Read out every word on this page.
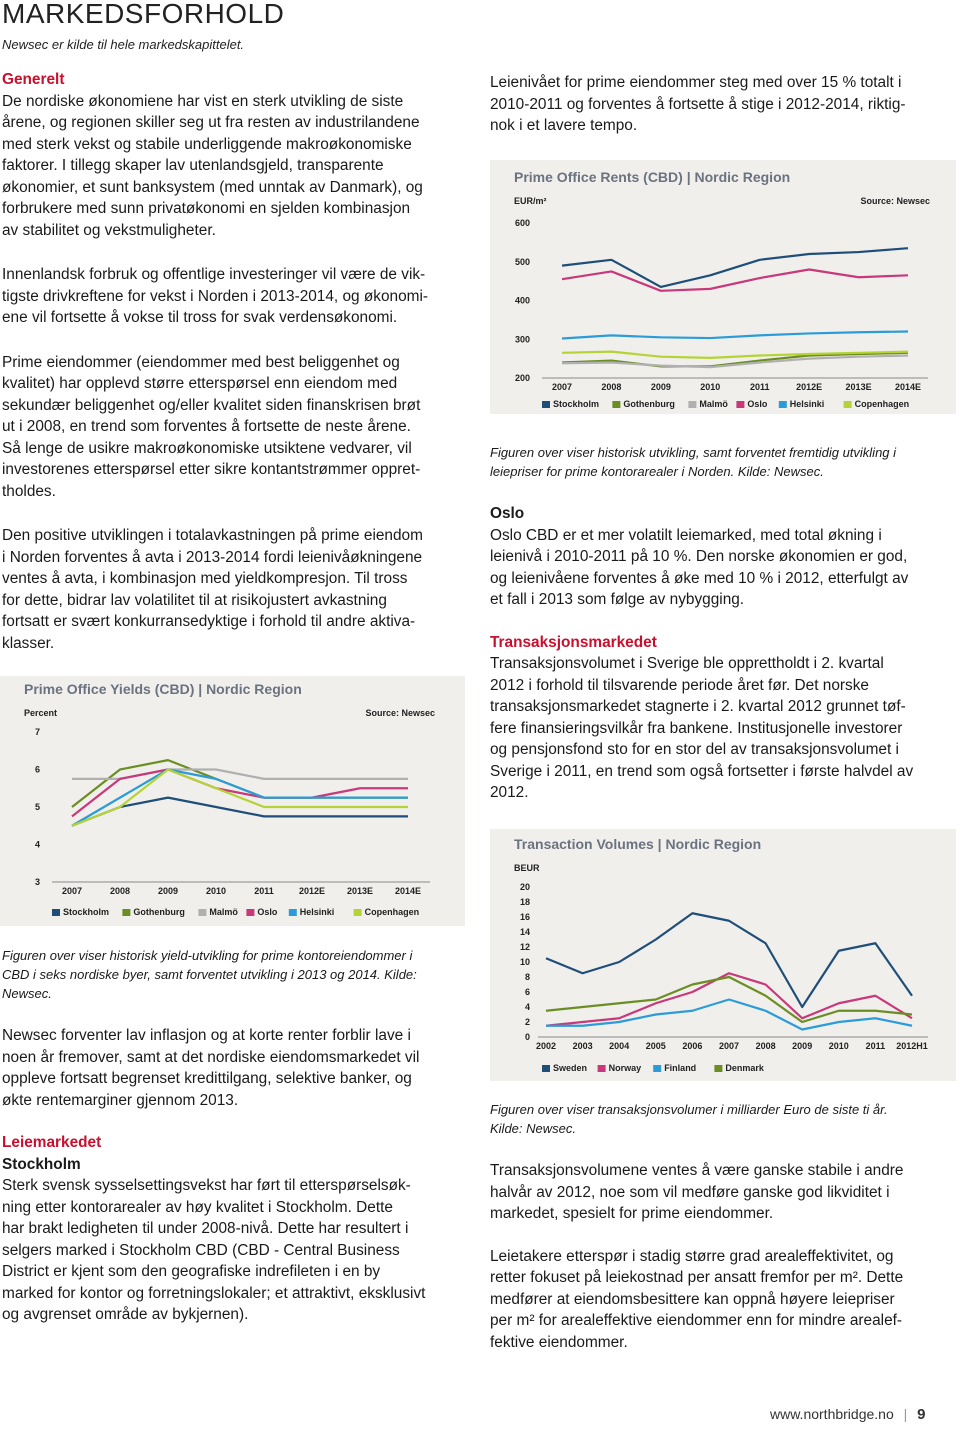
MARKEDSFORHOLD
Newsec er kilde til hele markedskapittelet.
Generelt
De nordiske økonomiene har vist en sterk utvikling de siste
årene, og regionen skiller seg ut fra resten av industrilandene
med sterk vekst og stabile underliggende makroøkonomiske
faktorer. I tillegg skaper lav utenlandsgjeld, transparente
økonomier, et sunt banksystem (med unntak av Danmark), og
forbrukere med sunn privatøkonomi en sjelden kombinasjon
av stabilitet og vekstmuligheter.
Innenlandsk forbruk og offentlige investeringer vil være de vik-
tigste drivkreftene for vekst i Norden i 2013-2014, og økonomi-
ene vil fortsette å vokse til tross for svak verdensøkonomi.
Prime eiendommer (eiendommer med best beliggenhet og
kvalitet) har opplevd større etterspørsel enn eiendom med
sekundær beliggenhet og/eller kvalitet siden finanskrisen brøt
ut i 2008, en trend som forventes å fortsette de neste årene.
Så lenge de usikre makroøkonomiske utsiktene vedvarer, vil
investorenes etterspørsel etter sikre kontantstrømmer oppret-
tholdes.
Den positive utviklingen i totalavkastningen på prime eiendom
i Norden forventes å avta i 2013-2014 fordi leienivåøkningene
ventes å avta, i kombinasjon med yieldkompresjon. Til tross
for dette, bidrar lav volatilitet til at risikojustert avkastning
fortsatt er svært konkurransedyktige i forhold til andre aktiva-
klasser.
Prime Office Yields (CBD) | Nordic Region
Percent	Source: Newsec
3
4
5
6
7
2007	2008	2009	2010	2011	2012E 2013E 2014E
Stockholm	Gothenburg	Malmö Oslo Helsinki	Copenhagen
Figuren over viser historisk yield-utvikling for prime kontoreiendommer i
CBD i seks nordiske byer, samt forventet utvikling i 2013 og 2014. Kilde:
Newsec.
Newsec forventer lav inflasjon og at korte renter forblir lave i
noen år fremover, samt at det nordiske eiendomsmarkedet vil
oppleve fortsatt begrenset kredittilgang, selektive banker, og
økte rentemarginer gjennom 2013.
Leiemarkedet
Stockholm
Sterk svensk sysselsettingsvekst har ført til etterspørselsøk-
ning etter kontorarealer av høy kvalitet i Stockholm. Dette
har brakt ledigheten til under 2008-nivå. Dette har resultert i
selgers marked i Stockholm CBD (CBD - Central Business
District er kjent som den geografiske indrefileten i en by
marked for kontor og forretningslokaler; et attraktivt, eksklusivt
og avgrenset område av bykjernen).
Leienivået for prime eiendommer steg med over 15 % totalt i
2010-2011 og forventes å fortsette å stige i 2012-2014, riktig-
nok i et lavere tempo.
Prime Office Rents (CBD) | Nordic Region
EUR/m²	Source: Newsec
200
300
400
500
600
2007	2008	2009	2010	2011	2012E	2013E	2014E
Stockholm	Gothenburg	Malmö Oslo Helsinki	Copenhagen
Figuren over viser historisk utvikling, samt forventet fremtidig utvikling i
leiepriser for prime kontorarealer i Norden. Kilde: Newsec.
Oslo
Oslo CBD er et mer volatilt leiemarked, med total økning i
leienivå i 2010-2011 på 10 %. Den norske økonomien er god,
og leienivåene forventes å øke med 10 % i 2012, etterfulgt av
et fall i 2013 som følge av nybygging.
Transaksjonsmarkedet
Transaksjonsvolumet i Sverige ble opprettholdt i 2. kvartal
2012 i forhold til tilsvarende periode året før. Det norske
transaksjonsmarkedet stagnerte i 2. kvartal 2012 grunnet tøf-
fere finansieringsvilkår fra bankene. Institusjonelle investorer
og pensjonsfond sto for en stor del av transaksjonsvolumet i
Sverige i 2011, en trend som også fortsetter i første halvdel av
2012.
Transaction Volumes | Nordic Region
BEUR
0
2
4
6
8
10
12
14
16
18
20
2002 2003 2004 2005 2006 2007 2008 2009 2010 2011 2012H1
Sweden Norway	Finland	Denmark
Figuren over viser transaksjonsvolumer i milliarder Euro de siste ti år.
Kilde: Newsec.
Transaksjonsvolumene ventes å være ganske stabile i andre
halvår av 2012, noe som vil medføre ganske god likviditet i
markedet, spesielt for prime eiendommer.
Leietakere etterspør i stadig større grad arealeffektivitet, og
retter fokuset på leiekostnad per ansatt fremfor per m². Dette
medfører at eiendomsbesittere kan oppnå høyere leiepriser
per m² for arealeffektive eiendommer enn for mindre arealef-
fektive eiendommer.
www.northbridge.no | 9
